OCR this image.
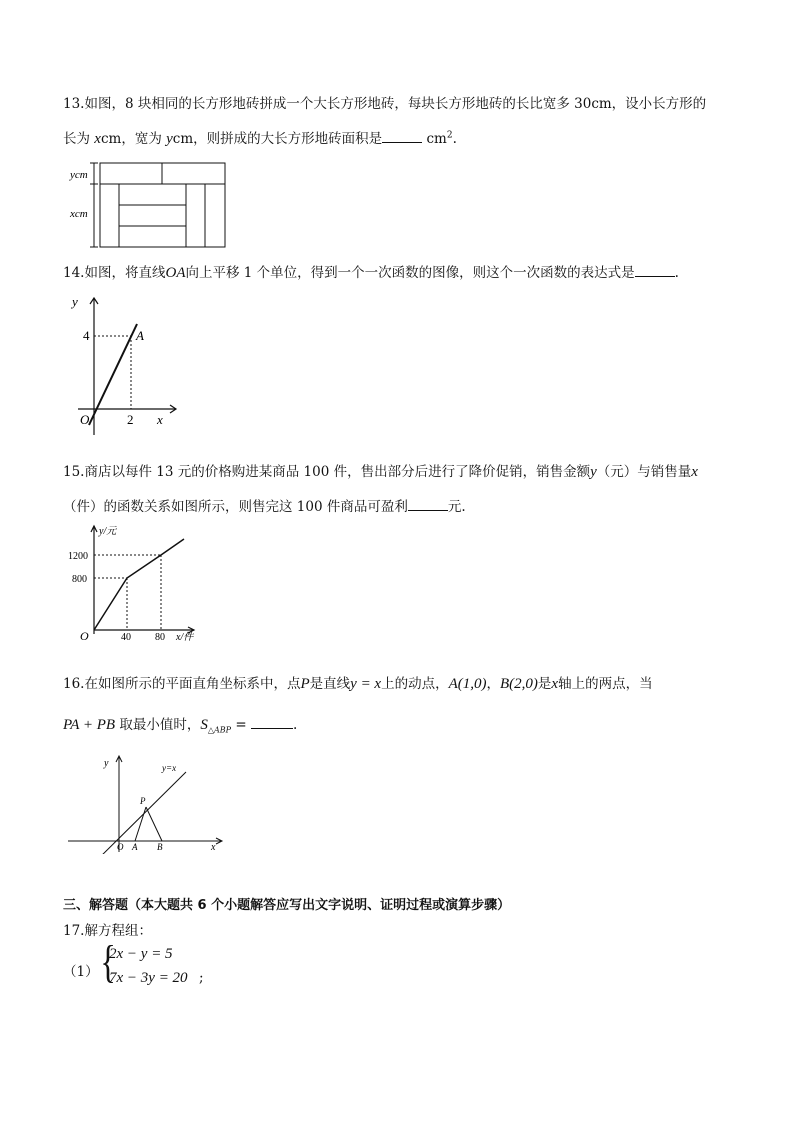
13.如图，8 块相同的长方形地砖拼成一个大长方形地砖，每块长方形地砖的长比宽多 30cm，设小长方形的
长为 xcm，宽为 ycm，则拼成的大长方形地砖面积是	$cm^2$.
ycm
xcm
14.如图，将直线OA向上平移 1 个单位，得到一个一次函数的图像，则这个一次函数的表达式是	.
y
4	A
O	2 x
15.商店以每件 13 元的价格购进某商品 100 件，售出部分后进行了降价促销，销售金额y（元）与销售量x
（件）的函数关系如图所示，则售完这 100 件商品可盈利	元.
y/元
1200
800
O	40 80 x/件
16.在如图所示的平面直角坐标系中，点P是直线y = x上的动点，A(1,0)，B(2,0)是x轴上的两点，当
PA + PB 取最小值时，$S_{\triangle ABP}$ =	.
y	y=x
P
O A B	x
三、解答题（本大题共 6 个小题解答应写出文字说明、证明过程或演算步骤）
17.解方程组：
（1） {
2x − y = 5
7x − 3y = 20 ;
